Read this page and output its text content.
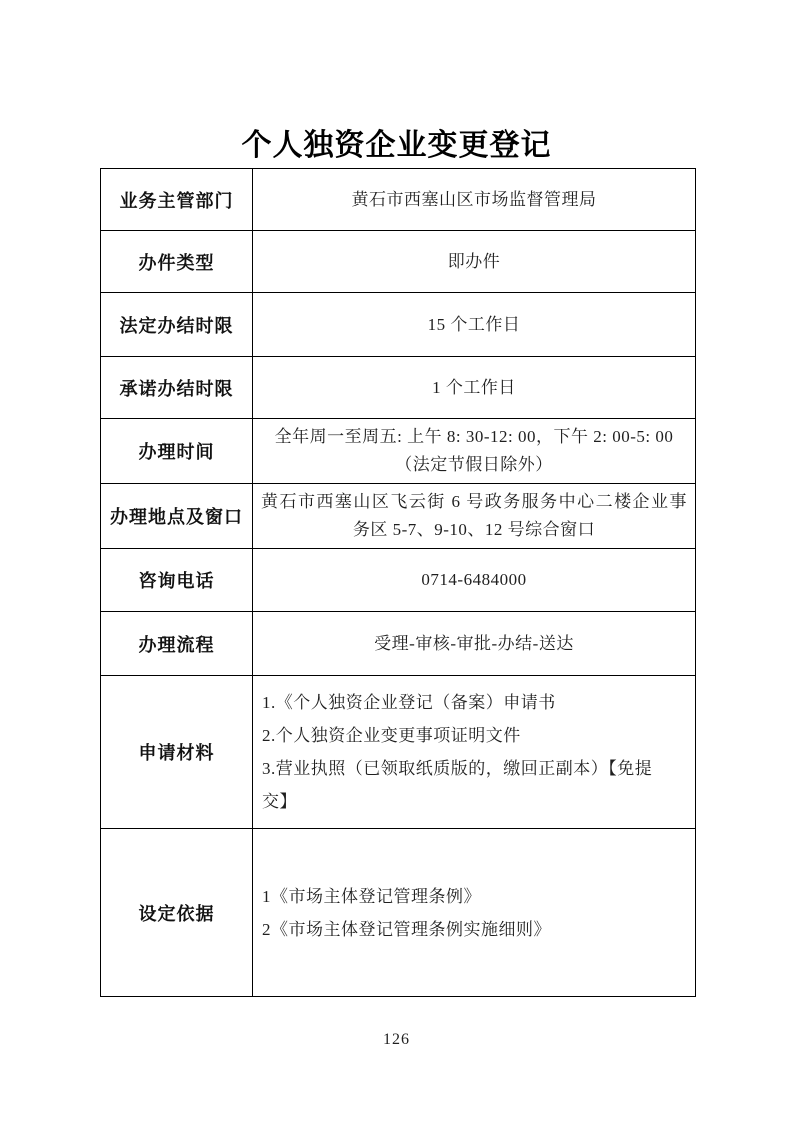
个人独资企业变更登记
业务主管部门	黄石市西塞山区市场监督管理局
办件类型	即办件
法定办结时限	15 个工作日
承诺办结时限	1 个工作日
办理时间	全年周一至周五: 上午 8: 30-12: 00，下午 2: 00-5: 00
（法定节假日除外）

办理地点及窗口	黄石市西塞山区飞云街 6 号政务服务中心二楼企业事
务区 5-7、9-10、12 号综合窗口

咨询电话	0714-6484000
办理流程	受理-审核-审批-办结-送达
申请材料	1.《个人独资企业登记（备案）申请书
2.个人独资企业变更事项证明文件
3.营业执照（已领取纸质版的，缴回正副本）【免提
交】

设定依据	1《市场主体登记管理条例》
2《市场主体登记管理条例实施细则》
126
